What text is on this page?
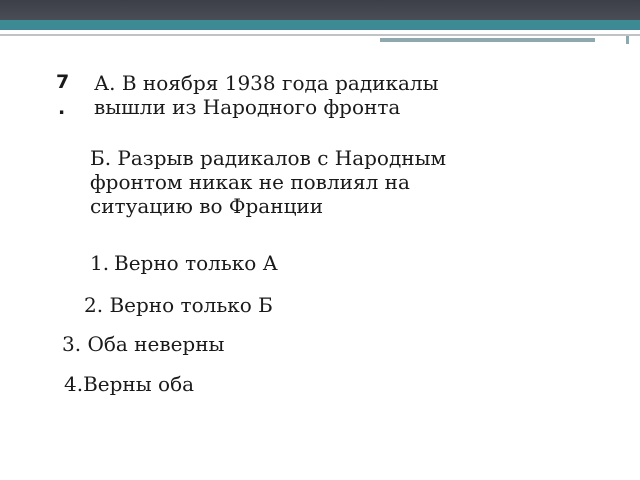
7
.
А. В ноября 1938 года радикалы
вышли из Народного фронта
Б. Разрыв радикалов с Народным
фронтом никак не повлиял на
ситуацию во Франции
1. Верно только А
2. Верно только Б
3. Оба неверны
4.Верны оба
